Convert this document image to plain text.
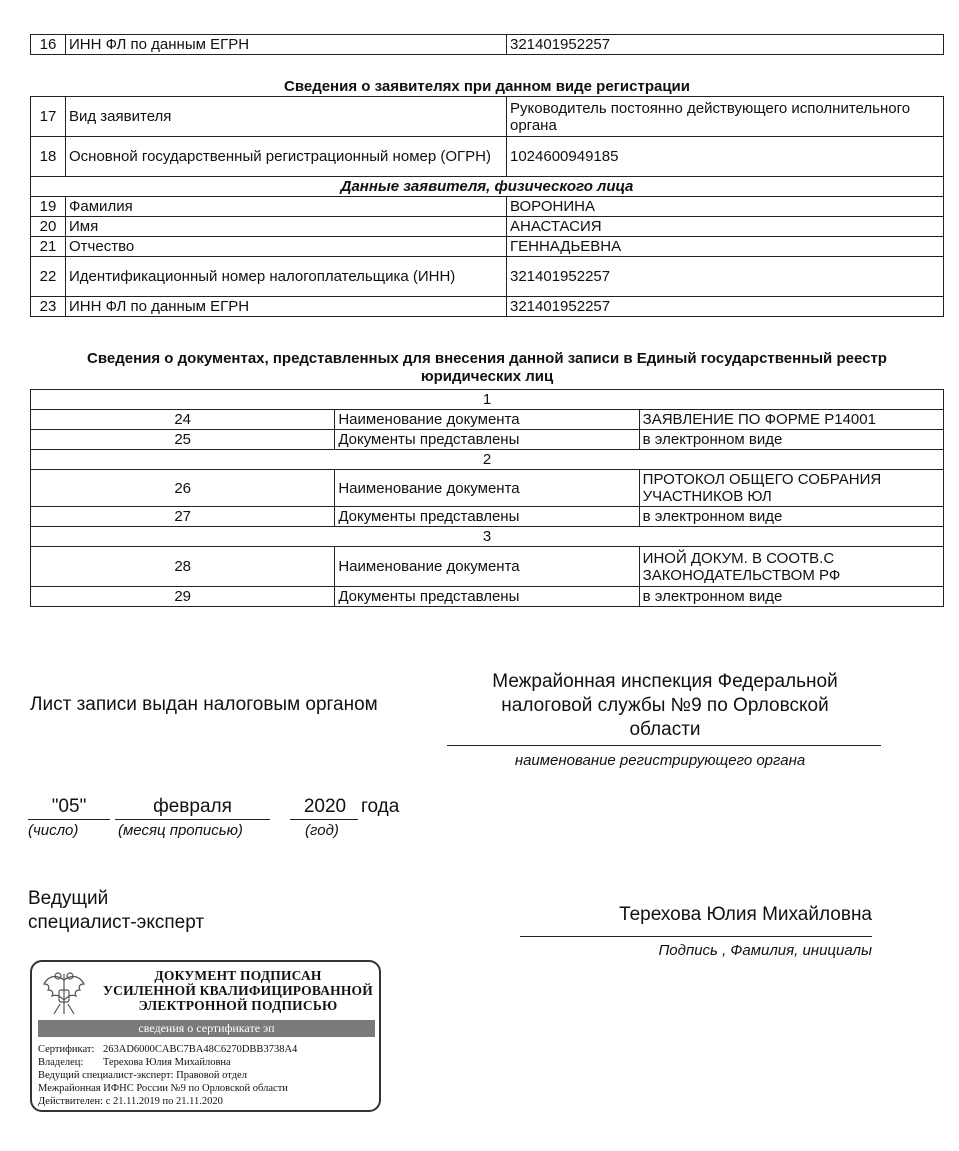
16	ИНН ФЛ по данным ЕГРН	321401952257
Сведения о заявителях при данном виде регистрации
17	Вид заявителя	Руководитель постоянно действующего исполнительного органа
18	Основной государственный регистрационный номер (ОГРН)	1024600949185
Данные заявителя, физического лица		
19	Фамилия	ВОРОНИНА
20	Имя	АНАСТАСИЯ
21	Отчество	ГЕННАДЬЕВНА
22	Идентификационный номер налогоплательщика (ИНН)	321401952257
23	ИНН ФЛ по данным ЕГРН	321401952257
Сведения о документах, представленных для внесения данной записи в Единый государственный реестр юридических лиц
1		
24	Наименование документа	ЗАЯВЛЕНИЕ ПО ФОРМЕ Р14001
25	Документы представлены	в электронном виде
2		
26	Наименование документа	ПРОТОКОЛ ОБЩЕГО СОБРАНИЯ УЧАСТНИКОВ ЮЛ
27	Документы представлены	в электронном виде
3		
28	Наименование документа	ИНОЙ ДОКУМ. В СООТВ.С ЗАКОНОДАТЕЛЬСТВОМ РФ
29	Документы представлены	в электронном виде
Лист записи выдан налоговым органом
Межрайонная инспекция Федеральной
налоговой службы №9 по Орловской
области
наименование регистрирующего органа
"05"
(число)
февраля
(месяц прописью)
2020 года
(год)
Ведущий
специалист-эксперт	Терехова Юлия Михайловна
Подпись , Фамилия, инициалы
ДОКУМЕНТ ПОДПИСАН
УСИЛЕННОЙ КВАЛИФИЦИРОВАННОЙ
ЭЛЕКТРОННОЙ ПОДПИСЬЮ
сведения о сертификате эп
Сертификат: 263AD6000CABC7BA48C6270DBB3738A4
Владелец: Терехова Юлия Михайловна
Ведущий специалист-эксперт: Правовой отдел
Межрайонная ИФНС России №9 по Орловской области
Действителен: с 21.11.2019 по 21.11.2020
